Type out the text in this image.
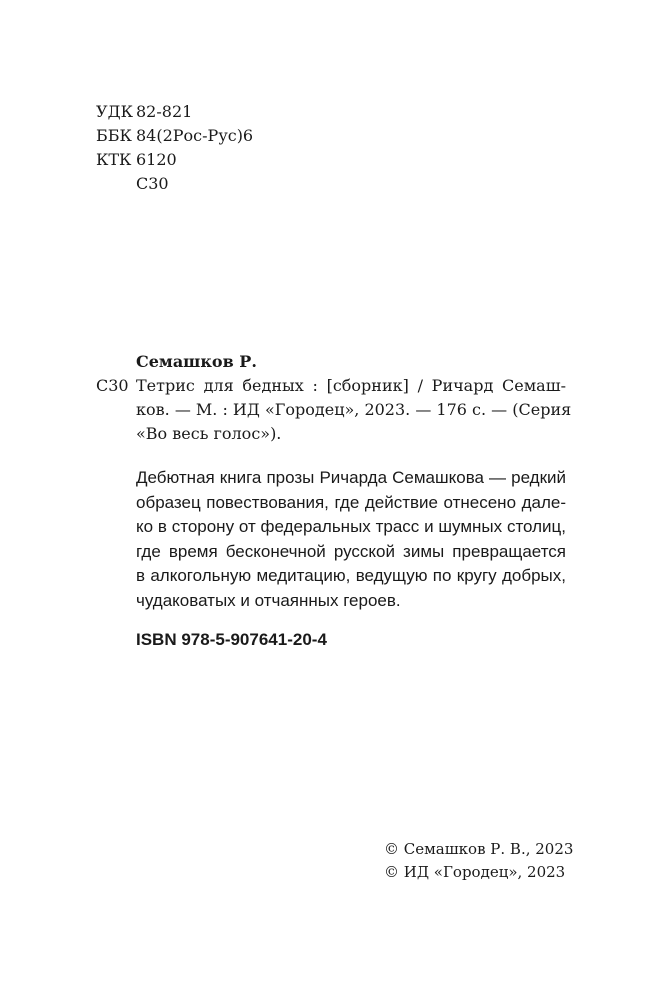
УДК 82-821
ББК 84(2Рос-Рус)6
КТК 6120
С30
Семашков Р.
С30 Тетрис для бедных : [сборник] / Ричард Семаш-
ков. — М. : ИД «Городец», 2023. — 176 с. — (Серия
«Во весь голос»).
Дебютная книга прозы Ричарда Семашкова — редкий
образец повествования, где действие отнесено дале-
ко в сторону от федеральных трасс и шумных столиц,
где время бесконечной русской зимы превращается
в алкогольную медитацию, ведущую по кругу добрых,
чудаковатых и отчаянных героев.
ISBN 978-5-907641-20-4
© Семашков Р. В., 2023
© ИД «Городец», 2023
